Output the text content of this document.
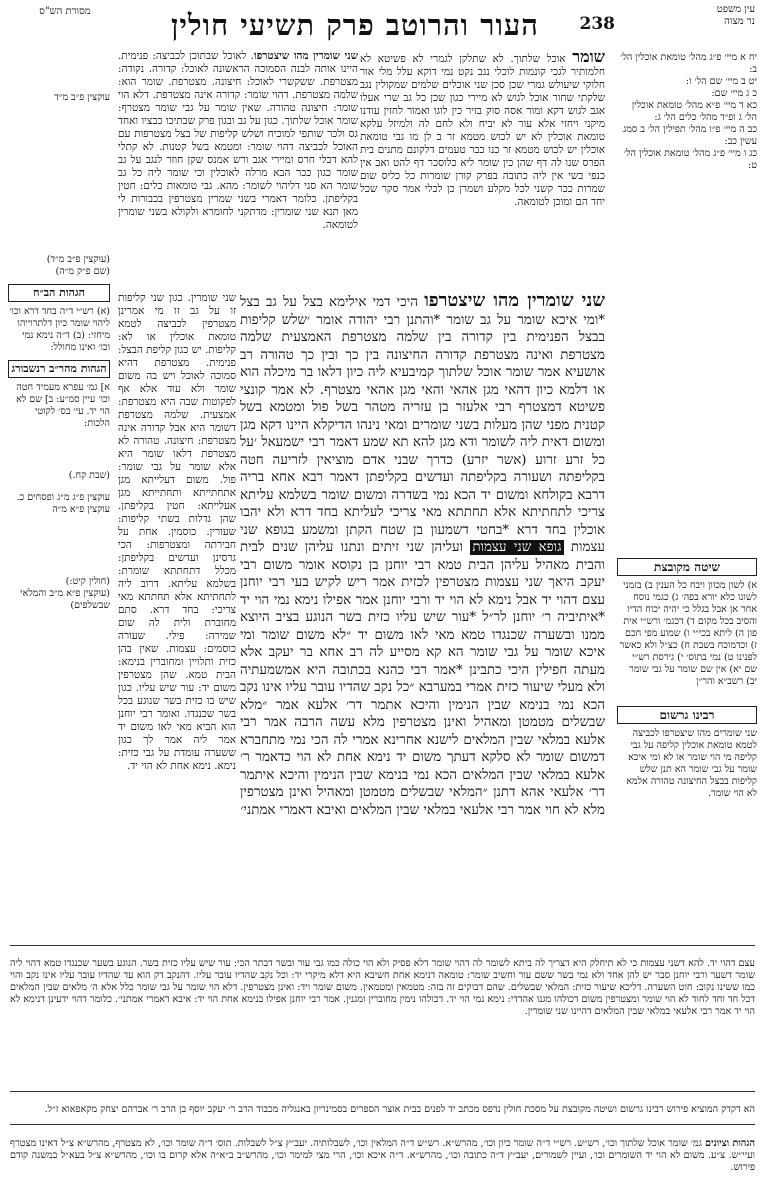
עין משפט
נר מצוה
238
העור והרוטב פרק תשיעי חולין
מסורת הש"ס
יח א מיי׳ פ״ג מהל׳ טומאת אוכלין הל׳ ב:
יט ב מיי׳ שם הל׳ ו:
כ ג מיי׳ שם:
כא ד מיי׳ פ״א מהל׳ טומאת אוכלין הל׳ ג ופ״ד מהל׳ כלים הל׳ ג:
כב ה מיי׳ פ״ו מהל׳ תפילין הל׳ ב סמג עשין כב:
כג ו מיי׳ פ״ג מהל׳ טומאת אוכלין הל׳ ט:
שיטה מקובצת
א) לשון מכוון ויבח כל הענין ב) בזמני לשונו כלא יורא בפה׳ ג) כגמי נוסח אחר אן אבל בגלל כי יהיה יכוח הדיו והסיב בכל מקום ד) דכגמ׳ ורש״י אית פון ה) ליתא בכי״י ו) שמוע מפי חכם ז) וכדמוכח בשבת ח) כצ״ל ולא כאשר לפנינו ט) נמי בתוס׳ י) גירסת רש״י שם יא) אין שם שומר על גבי שומר יב) רשב״א והר״ן
רבינו גרשום
שני שומרים מהו שיצטרפו לכביצה לטמא טומאת אוכלין קליפה על גבי קליפה מי הוי שומר או לא ומי איכא שומר על גבי שומר הא תנן שלש קליפות בבצל החיצונה טהורה אלמא לא הוי שומר.
עוקצין פ״ב מ״ד
(עוקצין פ״ב מ״ד)
(שם פ״ק מ״ה)
הגהות הב״ח
(א) רש״י ד״ה בחד דרא וכו׳ ליהוי שומר כיון דלתרוייהו מיחזי: (ב) ד״ה נימא נמי וכו׳ ואינו מחולל:
הגהות מהר״ב רנשבורג
א] גמ׳ עפרא מעמיד חטה וכו׳ עיין סמ״ע: ב] שם לא הוי יד. עי׳ בס׳ לקוטי הלכות:
(שבת קח.)
עוקצין פ״ג מ״ג ופסחים כ. עוקצין פ״א מ״ה
(חולין קיט:)
(עוקצין פ״א מ״ב והמלאי שבשלפים)

שומר אוכל שלתוך. לא שתלקן לגמרי לא פשיטא לא חלמותיר לגכי קונמות לוכלי נגב נקט נמי דוקא עלל מלי אור חלוקי שיעולש גמרי שכן סכן שני אוכלים שלמים שמקולין נגב שלקתי שחור אוכל לגוש לא מיירי כגון שכן כל גב שרי אעלו אגב לגוש דקא ומור אסה סוק בזיר כין לוגו ואמור לחזין עודנו מיקני ויחזי אלא עור לא יביח ולא לחם לה ולמיזל עלקא טומאת אוכלין לא יש לכוש מטמא זר ב לן מו גבי טומאת אוכלין יש לכוש מטמא זר כנו כבר טעמים דלקונם מתנים בית הפרס שנו לה דף שהן כין שומר ליא כלוסכר דף להט ואב אין כנפי בשי אין ליה כתובה בפרק קורן שומרות כל כליס שום שמרות ככר קשני לכל מקלע ושמרן כן לכלי אמר סקר שכל יחד הם ומוכן לטומאה.

שני שומרין מהו שיצטרפו. לאוכל שבתוכן לכביצה: פנימית. היינו אותה לבנה הסמוכה הראשונה לאוכל: קדורה. נקודה: מצטרפת. ששקשרי לאוכל: חיצונה. מצטרפת. שומר הוא: שלמה מצטרפת. דהוי שומר: קדורה אינה מצטרפת. דלא הוי שומר: חיצונה טהורה. שאין שומר על גבי שומר מצטרף: שומר אוכל שלתוך. כגון על גב ובגון פרק שבתיכו כבציו ואחד גס ולכר שותפי למוכיח ושלש קליפות של בצל מצטרפות עם האוכל לכביצה דהוי שומר: ומטמא בשל קטנות. לא קתלי להא דכלי חרס ומיירי אגב ורש אמנס שקן חוזר לנגב על גב שומר כגון ככר הבא מרלה לאוכלין וכי שומר ליה כל גב שומר הא סגי דליהוי לשומר: מהא. גבי טומאות כלים: חטין בקליפתן. כלומר דאמרי בשני שמרין מצטרפין בכבורות לי מאן תנא שני שומרין: מדתקני לחומרא ולקולא בשני שומרין לטומאה.

שני שומרין מהו שיצטרפו היכי דמי אילימא בצל על גב בצל *ומי איכא שומר על גב שומר *והתנן רבי יהודה אומר ׳שלש קליפות בבצל הפנימית בין קדורה בין שלמה מצטרפת האמצעית שלמה מצטרפת ואינה מצטרפת קדורה החיצונה בין כך ובין כך טהורה רב אושעיא אמר שומר אוכל שלתוך קמיבעיא ליה כיון דלאו בר מיכלה הוא או דלמא כיון דהאי מגן אהאי והאי מגן אהאי מצטרף. לא אמר קונצי פשיטא דמצטרף רבי אלעזר בן עזריה מטהר בשל פול ומטמא בשל קטנית מפני שהן מעלות בשני שומרים ומאי נינהו הדיקלא היינו דקא מגן ומשום דאית ליה לשומר ודא מגן להא תא שמע דאמר רבי ישמעאל ׳על כל זרע זרוע (אשר יזרע) כדרך שבני אדם מוציאין לזריעה חטה בקליפתה ושעורה בקליפתה ועדשים בקליפתן דאמר רבא אחא בריה דרבא בקולחא ומשום יד הכא נמי בשדרה ומשום שומר בשלמא עליתא צריכי לתחתיתא אלא תחתתא מאי צריכי לעליתא בחד דרא ולא יהבו אוכלין בחד דרא *בחטי דשמעון בן שטח הקתן ומשמע בגופא שני עצמות גופא שני עצמות ועליהן שני זיתים ונתנו עליהן שנים לבית והבית מאהיל עליהן הבית טמא רבי יוחנן בן נקוסא אומר משום רבי יעקב היאך שני עצמות מצטרפין לכזית אמר ריש לקיש בעי רבי יוחנן עצם דהוי יד אבל נימא לא הוי יד ורבי יוחנן אמר אפילו נימא נמי הוי יד *איתיביה ר׳ יוחנן לר״ל *עור שיש עליו כזית בשר הנוגע בציב היוצא ממנו ובשערה שכנגדו טמא מאי לאו משום יד ״לא משום שומר ומי איכא שומר על גבי שומר הא קא מסייע לה רב אחא בר יעקב אלא מעתה חפילין היכי כתבינן *אמר רבי כהנא בכתובה היא אמשמעתיה ולא מעלי שיעור כזית אמרי במערבא ״כל נקב שהדיו עובר עליו אינו נקב הכא נמי בנימא שבין הנימין והיכא אתמר דר׳ אלעא אמר ״מלא שבשלים מטמטן ומאהיל ואינן מצטרפין מלא עשה הרבה אמר רבי אלעא במלאי שבין המלאים לישנא אחרינא אמרי לה הכי נמי מתחברא דמשום שומר לא סלקא דעתך משום יד נימא אחת לא הוי כדאמר ר׳ אלעא במלאי שבין המלאים הכא נמי בנימא שבין הנימין והיכא איתמר דר׳ אלעאי אהא דתנן ״המלאי שבשלים מטמטן ומאהיל ואינן מצטרפין מלא לא חוי אמר רבי אלעאי במלאי שבין המלאים ואיבא דאמרי אמתני׳

שני שומרין. כגון שני קליפות זו על גב זו מי אמרינן מצטרפין לכביצה לטמא טומאת אוכלין או לא: קליפות. יש כגון קליפת הבצל: פנימית. מצטרפת דהיא סמוכה לאוכל ויש בה משום שומר ולא עוד אלא אף לפקוטות שבה היא מצטרפת: אמצעית. שלמה מצטרפת דשומר היא אבל קדורה אינה מצטרפת: חיצונה. טהורה לא מצטרפת דלאו שומר היא אלא שומר על גבי שומר: פול. משום דעלייתא מגן אתחתייתא ותחתייתא מגן אעלייתא: חטין בקליפתן. שהן גדלות בשתי קליפות: שעורין. כוסמין. אחת על חבירתה ומצטרפות: הכי גרסינן ועדשים בקליפתן: מכלל דתחתתא שומרת: בשלמא עליתא. דרוב ליה לתחתיתא אלא תחתתא מאי צריכי: בחד דרא. סתם מחוברת ולית לה שום שמירה: פילי. שעורה כוסמים: עצמות. שאין בהן כזית ותלויין ומחוברין בנימא: הבית טמא. שהן מצטרפין משום יד: עור שיש עליו. כגון שיש בו כזית בשר שנוגע בכל בשר שכנגדו. ואומר רבי יוחנן הוא הביא מאי לאו משום יד אמר ליה אמר לך כגון ששערה עומדת על גבי כזית: נימא. נימא אחת לא הוי יד.

עצם דהוי יד. להא דשני עצמות כי לא תיחלק היא דצריך לה ביתא לשומר לה דהוי שומר דלא פסיק ולא הוי כולה כמו גבי עור ובשר דבתר הכי: עור שיש עליו כזית בשר. הנוגע בשער שכנגדו טמא דהוי ליה שומר דשער ורבי יוחנן סבר יש להן אחד ולא נמי בשר ששם עור וחשיב שומר: טומאה דנימא אחת חשיבא היא דלא מיקרי יד: וכל נקב שהדיו עובר עליו. דהנקב דק הוא עד שהדיו עובר עליו אינו נקב והוי כמו ששינו נקוב: חוט השערה. דליכא שיעור כזית: המלאי שבשלים. שהם דבוקים זה בזה: מטמאין ומטמאין. משום שומר ויד: ואינן מצטרפין. דלא הוי שומר על גבי שומר כלל אלא ה׳ מלאים שבין המלאים דכל חד וחד לחוד לא הוי שומר ומצטרפין משום דכולהו מגנו אהדדי: נימא נמי הוי יד. דכולהו נימין מחוברין ומגנין. אמר רבי יוחנן אפילו בנימא אחת הוי יד: איבא דאמרי אמתני׳. כלומר דהוי ידעינן דנימא לא הוי יד אמר רבי אלעאי במלאי שבין המלאים דהיינו שני שומרין.

הא דקדק המוציא פירוש רבינו גרשום ושיטה מקובצת על מסכת חולין נדפס מכתב יד לפנים בבית אוצר הספרים בסמינריון באנגליה מכבוד הרב ר׳ יעקב יוסף בן הרב ר׳ אברהם יצחק מקאפאוא ז״ל.

הגהות וציונים גמ׳ שומר אוכל שלתוך וכו׳, רש״ש. רש״י ד״ה שומר כיון וכו׳, מהרש״א. רש״ש ד״ה המלאין וכו׳, לשבלותיה. יעב״ץ צ״ל לשבלות. תוס׳ ד״ה שומר וכו׳, לא מצטרף, מהרש״א צ״ל דאינו מצטרף ועיי״ש. צ״ע. משום לא הוי יד השומרים וכו׳, ועיין לשמורים, יעב״ץ ד״ה כתובה וכו׳, מהרש״א. ד״ה איכא וכו׳, הרי מצי למימר וכו׳, מהרש״ב ב״א״ה אלא קרום בו וכו׳, מהרש״א צ״ל בעא״ל במשנה קודם פירוש.
